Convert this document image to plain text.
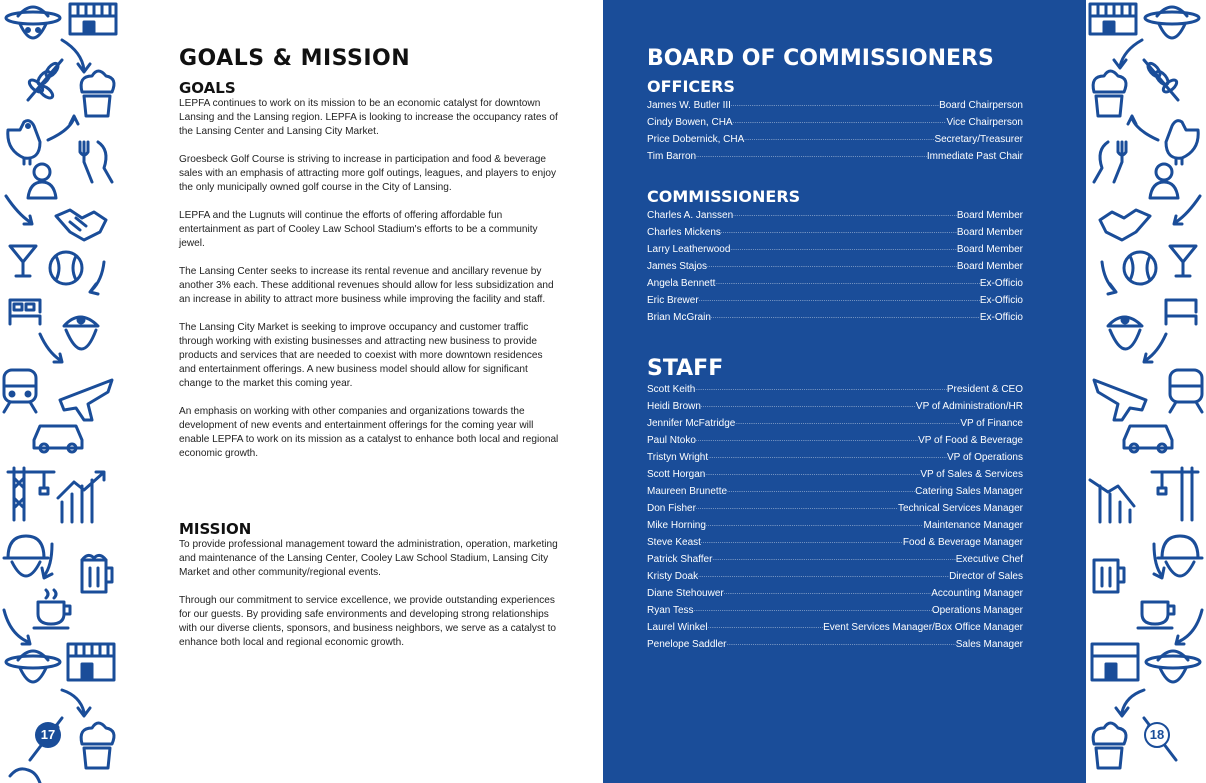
17
GOALS & MISSION
GOALS

LEPFA continues to work on its mission to be an economic catalyst for downtown Lansing and the Lansing region. LEPFA is looking to increase the occupancy rates of the Lansing Center and Lansing City Market.

Groesbeck Golf Course is striving to increase in participation and food & beverage sales with an emphasis of attracting more golf outings, leagues, and players to enjoy the only municipally owned golf course in the City of Lansing.

LEPFA and the Lugnuts will continue the efforts of offering affordable fun entertainment as part of Cooley Law School Stadium's efforts to be a community jewel.

The Lansing Center seeks to increase its rental revenue and ancillary revenue by another 3% each. These additional revenues should allow for less subsidization and an increase in ability to attract more business while improving the facility and staff.

The Lansing City Market is seeking to improve occupancy and customer traffic through working with existing businesses and attracting new business to provide products and services that are needed to coexist with more downtown residences and entertainment offerings. A new business model should allow for significant change to the market this coming year.

An emphasis on working with other companies and organizations towards the development of new events and entertainment offerings for the coming year will enable LEPFA to work on its mission as a catalyst to enhance both local and regional economic growth.

MISSION

To provide professional management toward the administration, operation, marketing and maintenance of the Lansing Center, Cooley Law School Stadium, Lansing City Market and other community/regional events.

Through our commitment to service excellence, we provide outstanding experiences for our guests. By providing safe environments and developing strong relationships with our diverse clients, sponsors, and business neighbors, we serve as a catalyst to enhance both local and regional economic growth.

BOARD OF COMMISSIONERS
OFFICERS
James W. Butler III .....	Board Chairperson
Cindy Bowen, CHA .....	Vice Chairperson
Price Dobernick, CHA .....	Secretary/Treasurer
Tim Barron .....	Immediate Past Chair
COMMISSIONERS
Charles A. Janssen .....	Board Member
Charles Mickens .....	Board Member
Larry Leatherwood .....	Board Member
James Stajos .....	Board Member
Angela Bennett .....	Ex-Officio
Eric Brewer .....	Ex-Officio
Brian McGrain .....	Ex-Officio
STAFF
Scott Keith .....	President & CEO
Heidi Brown .....	VP of Administration/HR
Jennifer McFatridge .....	VP of Finance
Paul Ntoko .....	VP of Food & Beverage
Tristyn Wright .....	VP of Operations
Scott Horgan .....	VP of Sales & Services
Maureen Brunette .....	Catering Sales Manager
Don Fisher .....	Technical Services Manager
Mike Horning .....	Maintenance Manager
Steve Keast .....	Food & Beverage Manager
Patrick Shaffer .....	Executive Chef
Kristy Doak .....	Director of Sales
Diane Stehouwer .....	Accounting Manager
Ryan Tess .....	Operations Manager
Laurel Winkel .....	Event Services Manager/Box Office Manager
Penelope Saddler .....	Sales Manager
18
